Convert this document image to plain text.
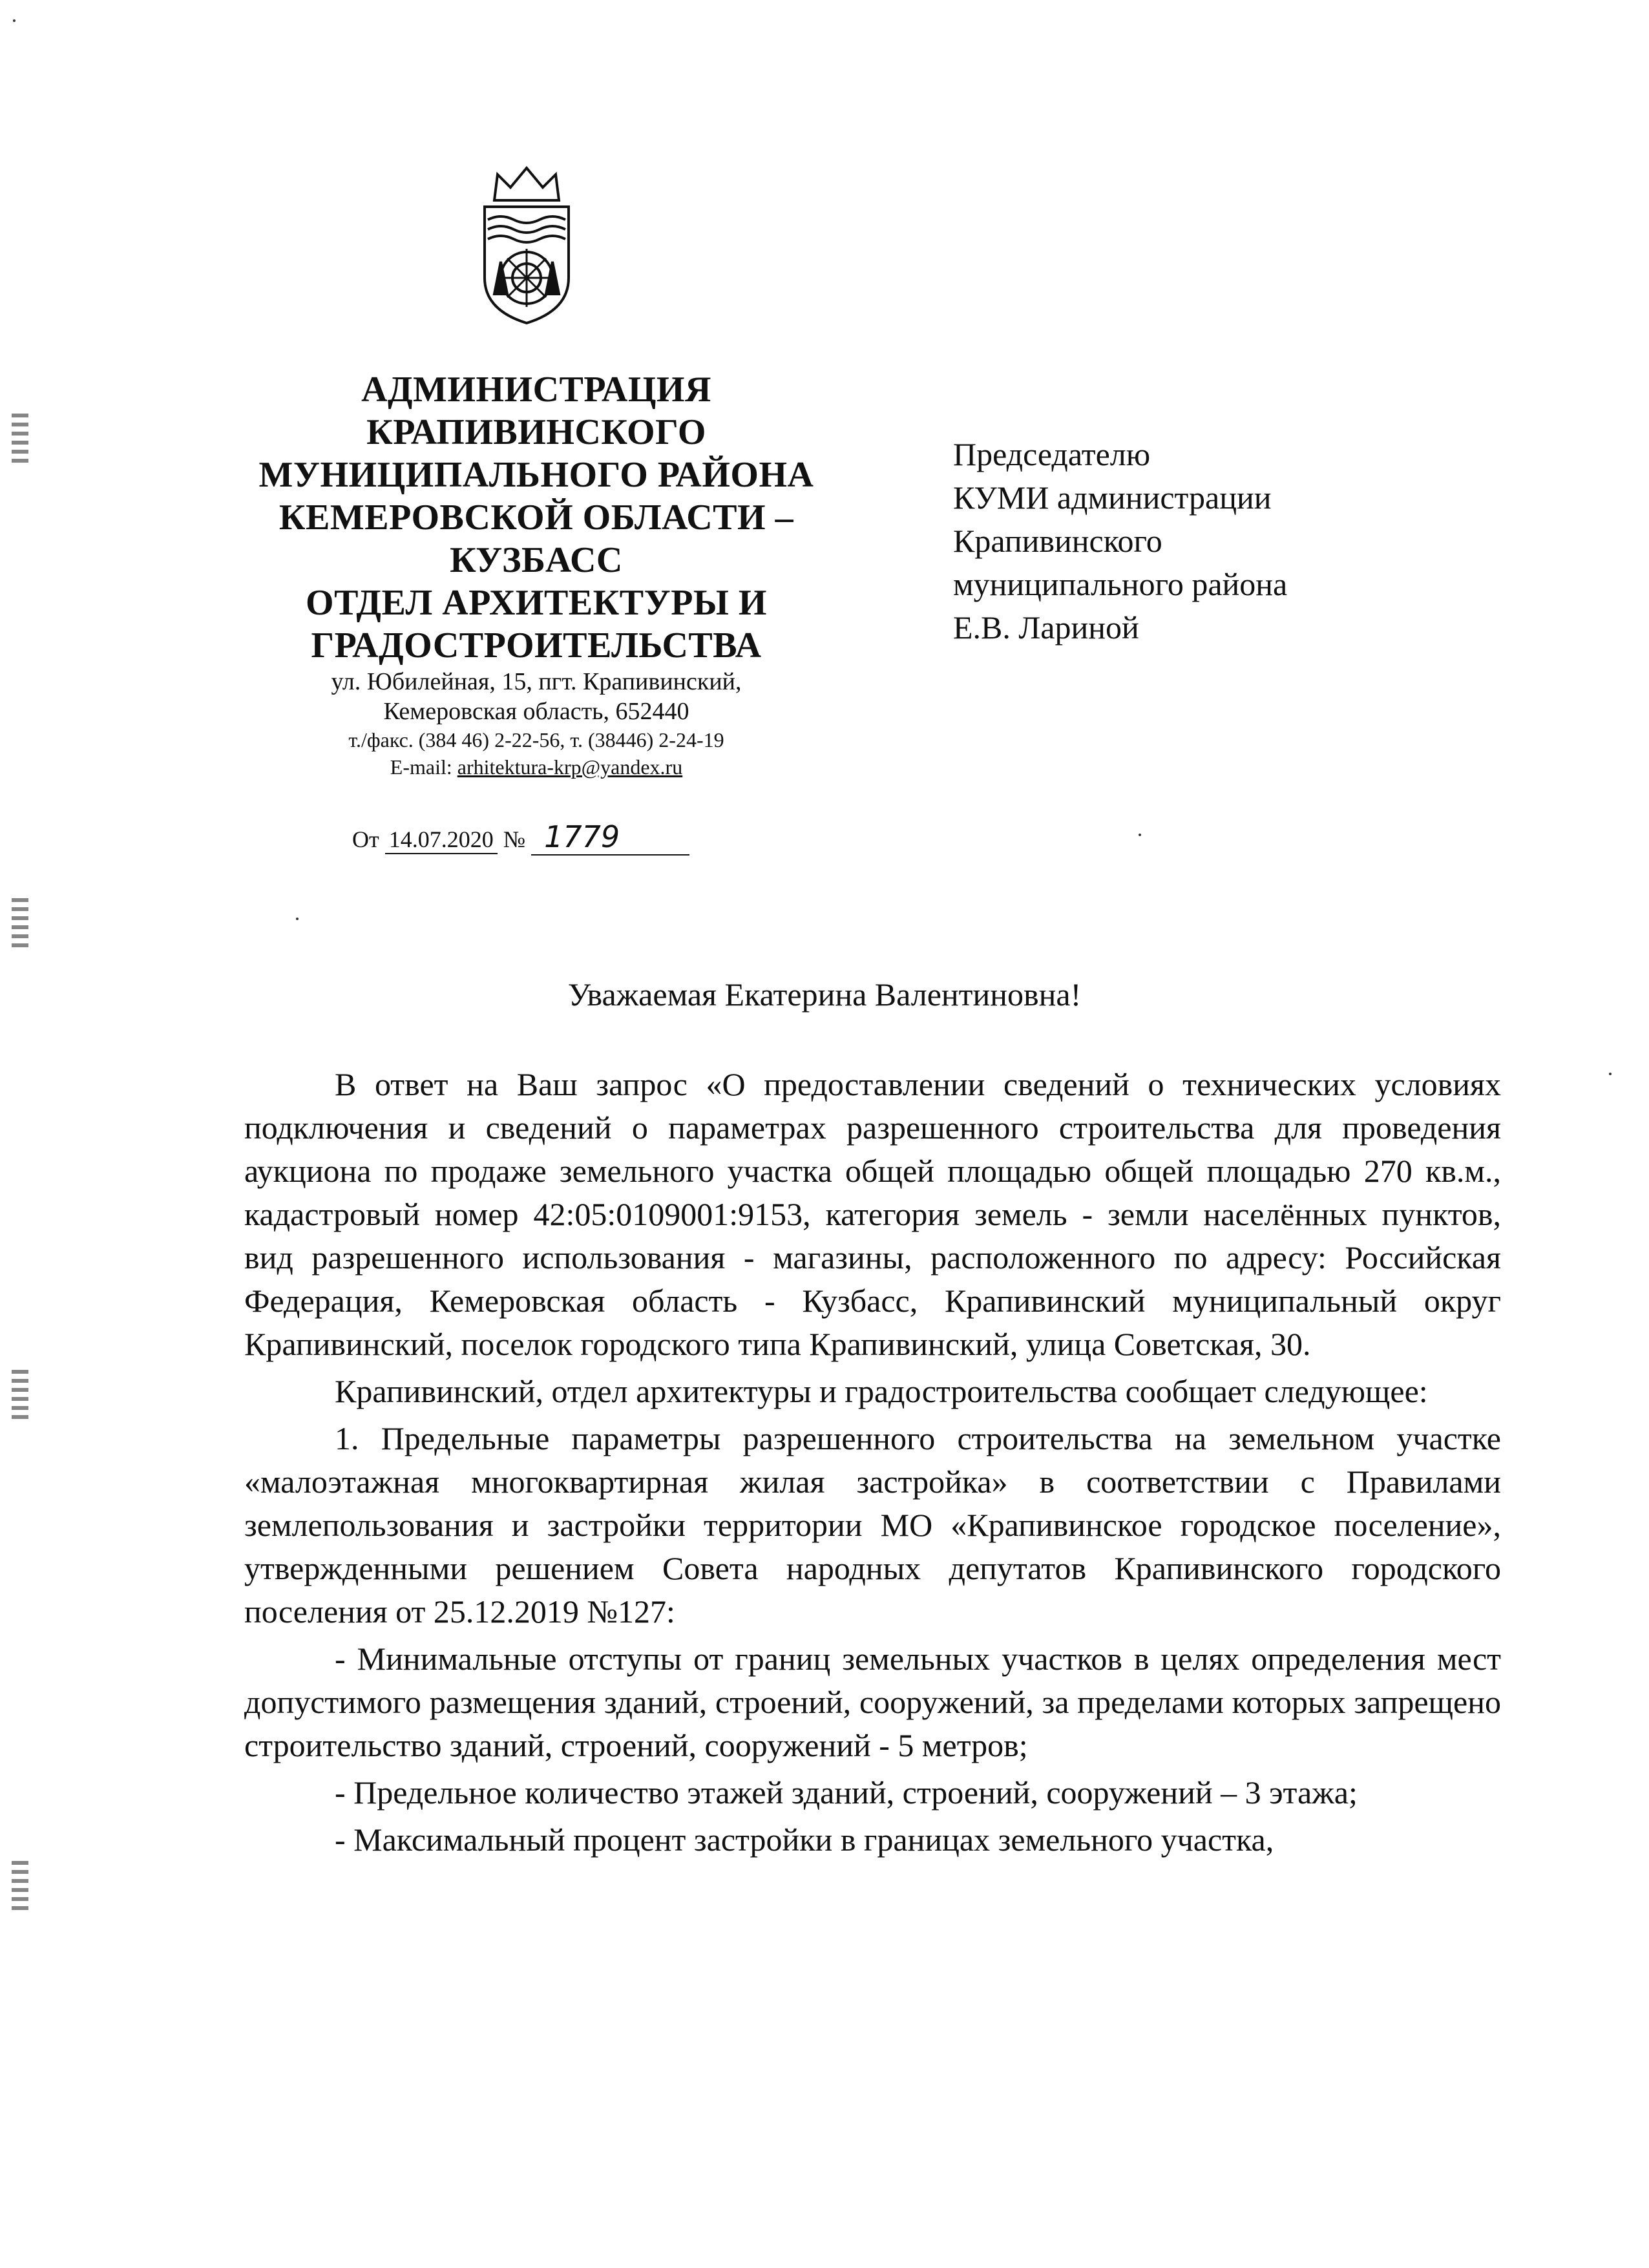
АДМИНИСТРАЦИЯ
КРАПИВИНСКОГО
МУНИЦИПАЛЬНОГО РАЙОНА
КЕМЕРОВСКОЙ ОБЛАСТИ –
КУЗБАСС
ОТДЕЛ АРХИТЕКТУРЫ И
ГРАДОСТРОИТЕЛЬСТВА
ул. Юбилейная, 15, пгт. Крапивинский,
Кемеровская область, 652440
т./факс. (384 46) 2-22-56, т. (38446) 2-24-19
E-mail: arhitektura-krp@yandex.ru
От 14.07.2020 № 1779
Председателю
КУМИ администрации
Крапивинского
муниципального района
Е.В. Лариной
Уважаемая Екатерина Валентиновна!

В ответ на Ваш запрос «О предоставлении сведений о технических условиях подключения и сведений о параметрах разрешенного строительства для проведения аукциона по продаже земельного участка общей площадью общей площадью 270 кв.м., кадастровый номер 42:05:0109001:9153, категория земель - земли населённых пунктов, вид разрешенного использования - магазины, расположенного по адресу: Российская Федерация, Кемеровская область - Кузбасс, Крапивинский муниципальный округ Крапивинский, поселок городского типа Крапивинский, улица Советская, 30.

Крапивинский, отдел архитектуры и градостроительства сообщает следующее:

1. Предельные параметры разрешенного строительства на земельном участке «малоэтажная многоквартирная жилая застройка» в соответствии с Правилами землепользования и застройки территории МО «Крапивинское городское поселение», утвержденными решением Совета народных депутатов Крапивинского городского поселения от 25.12.2019 №127:

- Минимальные отступы от границ земельных участков в целях определения мест допустимого размещения зданий, строений, сооружений, за пределами которых запрещено строительство зданий, строений, сооружений - 5 метров;

- Предельное количество этажей зданий, строений, сооружений – 3 этажа;

- Максимальный процент застройки в границах земельного участка,
